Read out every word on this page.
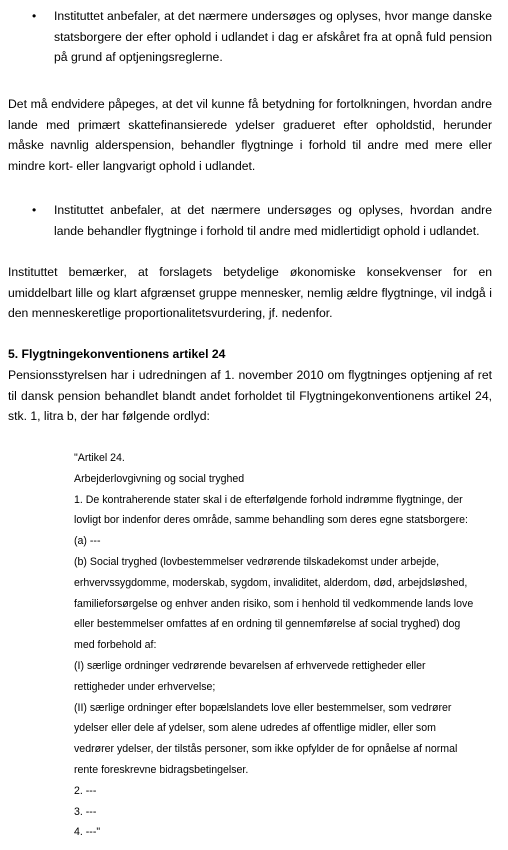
• Instituttet anbefaler, at det nærmere undersøges og oplyses, hvor mange danske statsborgere der efter ophold i udlandet i dag er afskåret fra at opnå fuld pension på grund af optjeningsreglerne.
Det må endvidere påpeges, at det vil kunne få betydning for fortolkningen, hvordan andre lande med primært skattefinansierede ydelser gradueret efter opholdstid, herunder måske navnlig alderspension, behandler flygtninge i forhold til andre med mere eller mindre kort- eller langvarigt ophold i udlandet.
• Instituttet anbefaler, at det nærmere undersøges og oplyses, hvordan andre lande behandler flygtninge i forhold til andre med midlertidigt ophold i udlandet.
Instituttet bemærker, at forslagets betydelige økonomiske konsekvenser for en umiddelbart lille og klart afgrænset gruppe mennesker, nemlig ældre flygtninge, vil indgå i den menneskeretlige proportionalitetsvurdering, jf. nedenfor.
5. Flygtningekonventionens artikel 24
Pensionsstyrelsen har i udredningen af 1. november 2010 om flygtninges optjening af ret til dansk pension behandlet blandt andet forholdet til Flygtningekonventionens artikel 24, stk. 1, litra b, der har følgende ordlyd:
"Artikel 24.
Arbejderlovgivning og social tryghed
1. De kontraherende stater skal i de efterfølgende forhold indrømme flygtninge, der
lovligt bor indenfor deres område, samme behandling som deres egne statsborgere:
(a) ---
(b) Social tryghed (lovbestemmelser vedrørende tilskadekomst under arbejde,
erhvervssygdomme, moderskab, sygdom, invaliditet, alderdom, død, arbejdsløshed,
familieforsørgelse og enhver anden risiko, som i henhold til vedkommende lands love
eller bestemmelser omfattes af en ordning til gennemførelse af social tryghed) dog
med forbehold af:
(I) særlige ordninger vedrørende bevarelsen af erhvervede rettigheder eller
rettigheder under erhvervelse;
(II) særlige ordninger efter bopælslandets love eller bestemmelser, som vedrører
ydelser eller dele af ydelser, som alene udredes af offentlige midler, eller som
vedrører ydelser, der tilstås personer, som ikke opfylder de for opnåelse af normal
rente foreskrevne bidragsbetingelser.
2. ---
3. ---
4. ---"
